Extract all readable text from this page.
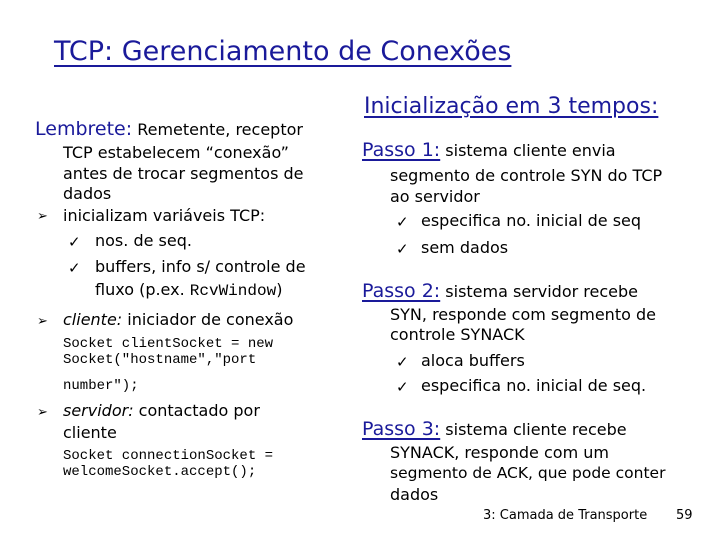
TCP: Gerenciamento de Conexões
Inicialização em 3 tempos:
Lembrete: Remetente, receptor
TCP estabelecem “conexão”
antes de trocar segmentos de
dados
➢ inicializam variáveis TCP:
✓ nos. de seq.
✓ buffers, info s/ controle de
fluxo (p.ex. RcvWindow)
➢ cliente: iniciador de conexão
Socket clientSocket = new
Socket("hostname","port
number");
➢ servidor: contactado por
cliente
Socket connectionSocket =
welcomeSocket.accept();
Passo 1: sistema cliente envia
segmento de controle SYN do TCP
ao servidor
✓ especifica no. inicial de seq
✓ sem dados
Passo 2: sistema servidor recebe
SYN, responde com segmento de
controle SYNACK
✓ aloca buffers
✓ especifica no. inicial de seq.
Passo 3: sistema cliente recebe
SYNACK, responde com um
segmento de ACK, que pode conter
dados
3: Camada de Transporte 59
